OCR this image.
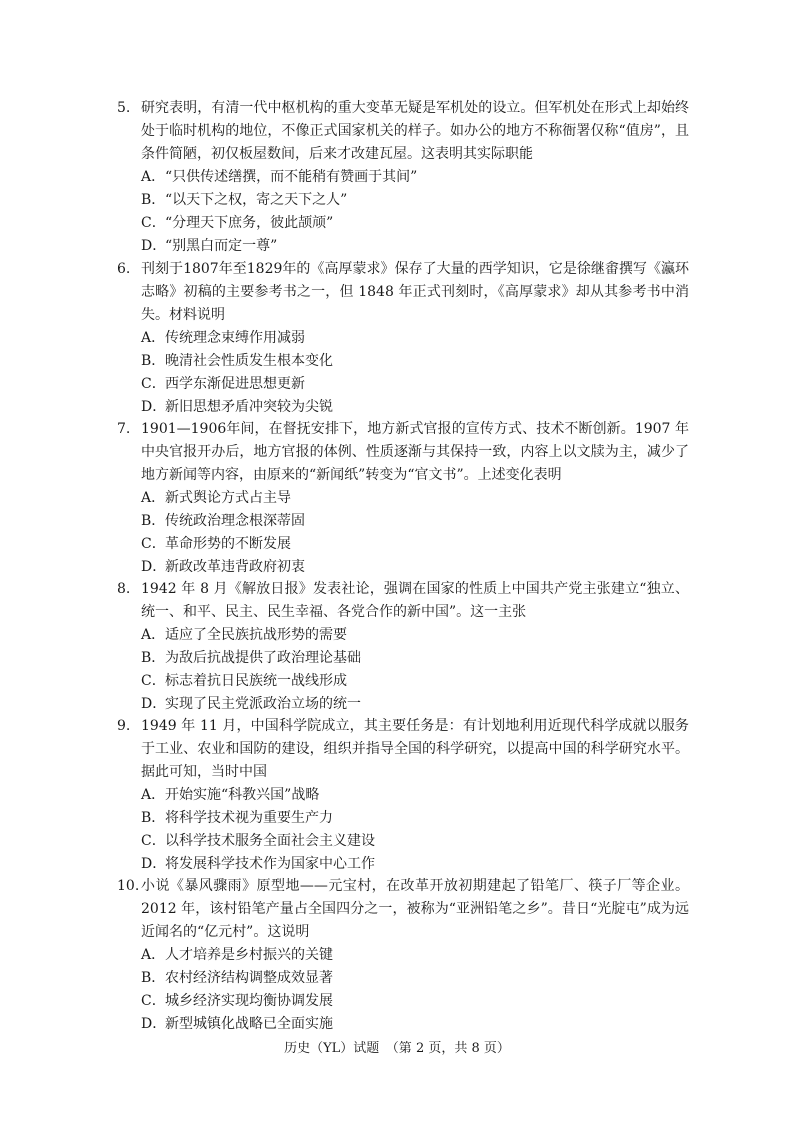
5. 研究表明，有清一代中枢机构的重大变革无疑是军机处的设立。但军机处在形式上却始终处于临时机构的地位，不像正式国家机关的样子。如办公的地方不称衙署仅称“值房”，且条件简陋，初仅板屋数间，后来才改建瓦屋。这表明其实际职能
A． “只供传述缮撰，而不能稍有赞画于其间”
B． “以天下之权，寄之天下之人”
C． “分理天下庶务，彼此颉颃”
D．
“别黑白而定一尊”
6. 刊刻于1807年至1829年的《高厚蒙求》保存了大量的西学知识，它是徐继畬撰写《瀛环志略》初稿的主要参考书之一，但 1848 年正式刊刻时，《高厚蒙求》却从其参考书中消失。材料说明
A． 传统理念束缚作用减弱
B． 晚清社会性质发生根本变化
C． 西学东渐促进思想更新
D．
新旧思想矛盾冲突较为尖锐
7. 1901—1906年间，在督抚安排下，地方新式官报的宣传方式、技术不断创新。1907 年中央官报开办后，地方官报的体例、性质逐渐与其保持一致，内容上以文牍为主，减少了地方新闻等内容，由原来的“新闻纸”转变为“官文书”。上述变化表明
A． 新式舆论方式占主导
B． 传统政治理念根深蒂固
C． 革命形势的不断发展
D．
新政改革违背政府初衷
8. 1942 年 8 月《解放日报》发表社论，强调在国家的性质上中国共产党主张建立“独立、统一、和平、民主、民生幸福、各党合作的新中国”。这一主张
A． 适应了全民族抗战形势的需要
B． 为敌后抗战提供了政治理论基础
C． 标志着抗日民族统一战线形成
D．
实现了民主党派政治立场的统一
9. 1949 年 11 月，中国科学院成立，其主要任务是：有计划地利用近现代科学成就以服务于工业、农业和国防的建设，组织并指导全国的科学研究，以提高中国的科学研究水平。据此可知，当时中国
A． 开始实施“科教兴国”战略
B． 将科学技术视为重要生产力
C． 以科学技术服务全面社会主义建设
D．
将发展科学技术作为国家中心工作
10. 小说《暴风骤雨》原型地——元宝村，在改革开放初期建起了铅笔厂、筷子厂等企业。2012 年，该村铅笔产量占全国四分之一，被称为“亚洲铅笔之乡”。昔日“光腚屯”成为远近闻名的“亿元村”。这说明
A． 人才培养是乡村振兴的关键
B． 农村经济结构调整成效显著
C． 城乡经济实现均衡协调发展
D．
新型城镇化战略已全面实施
历史（YL）试题　（第 2 页，共 8 页）
